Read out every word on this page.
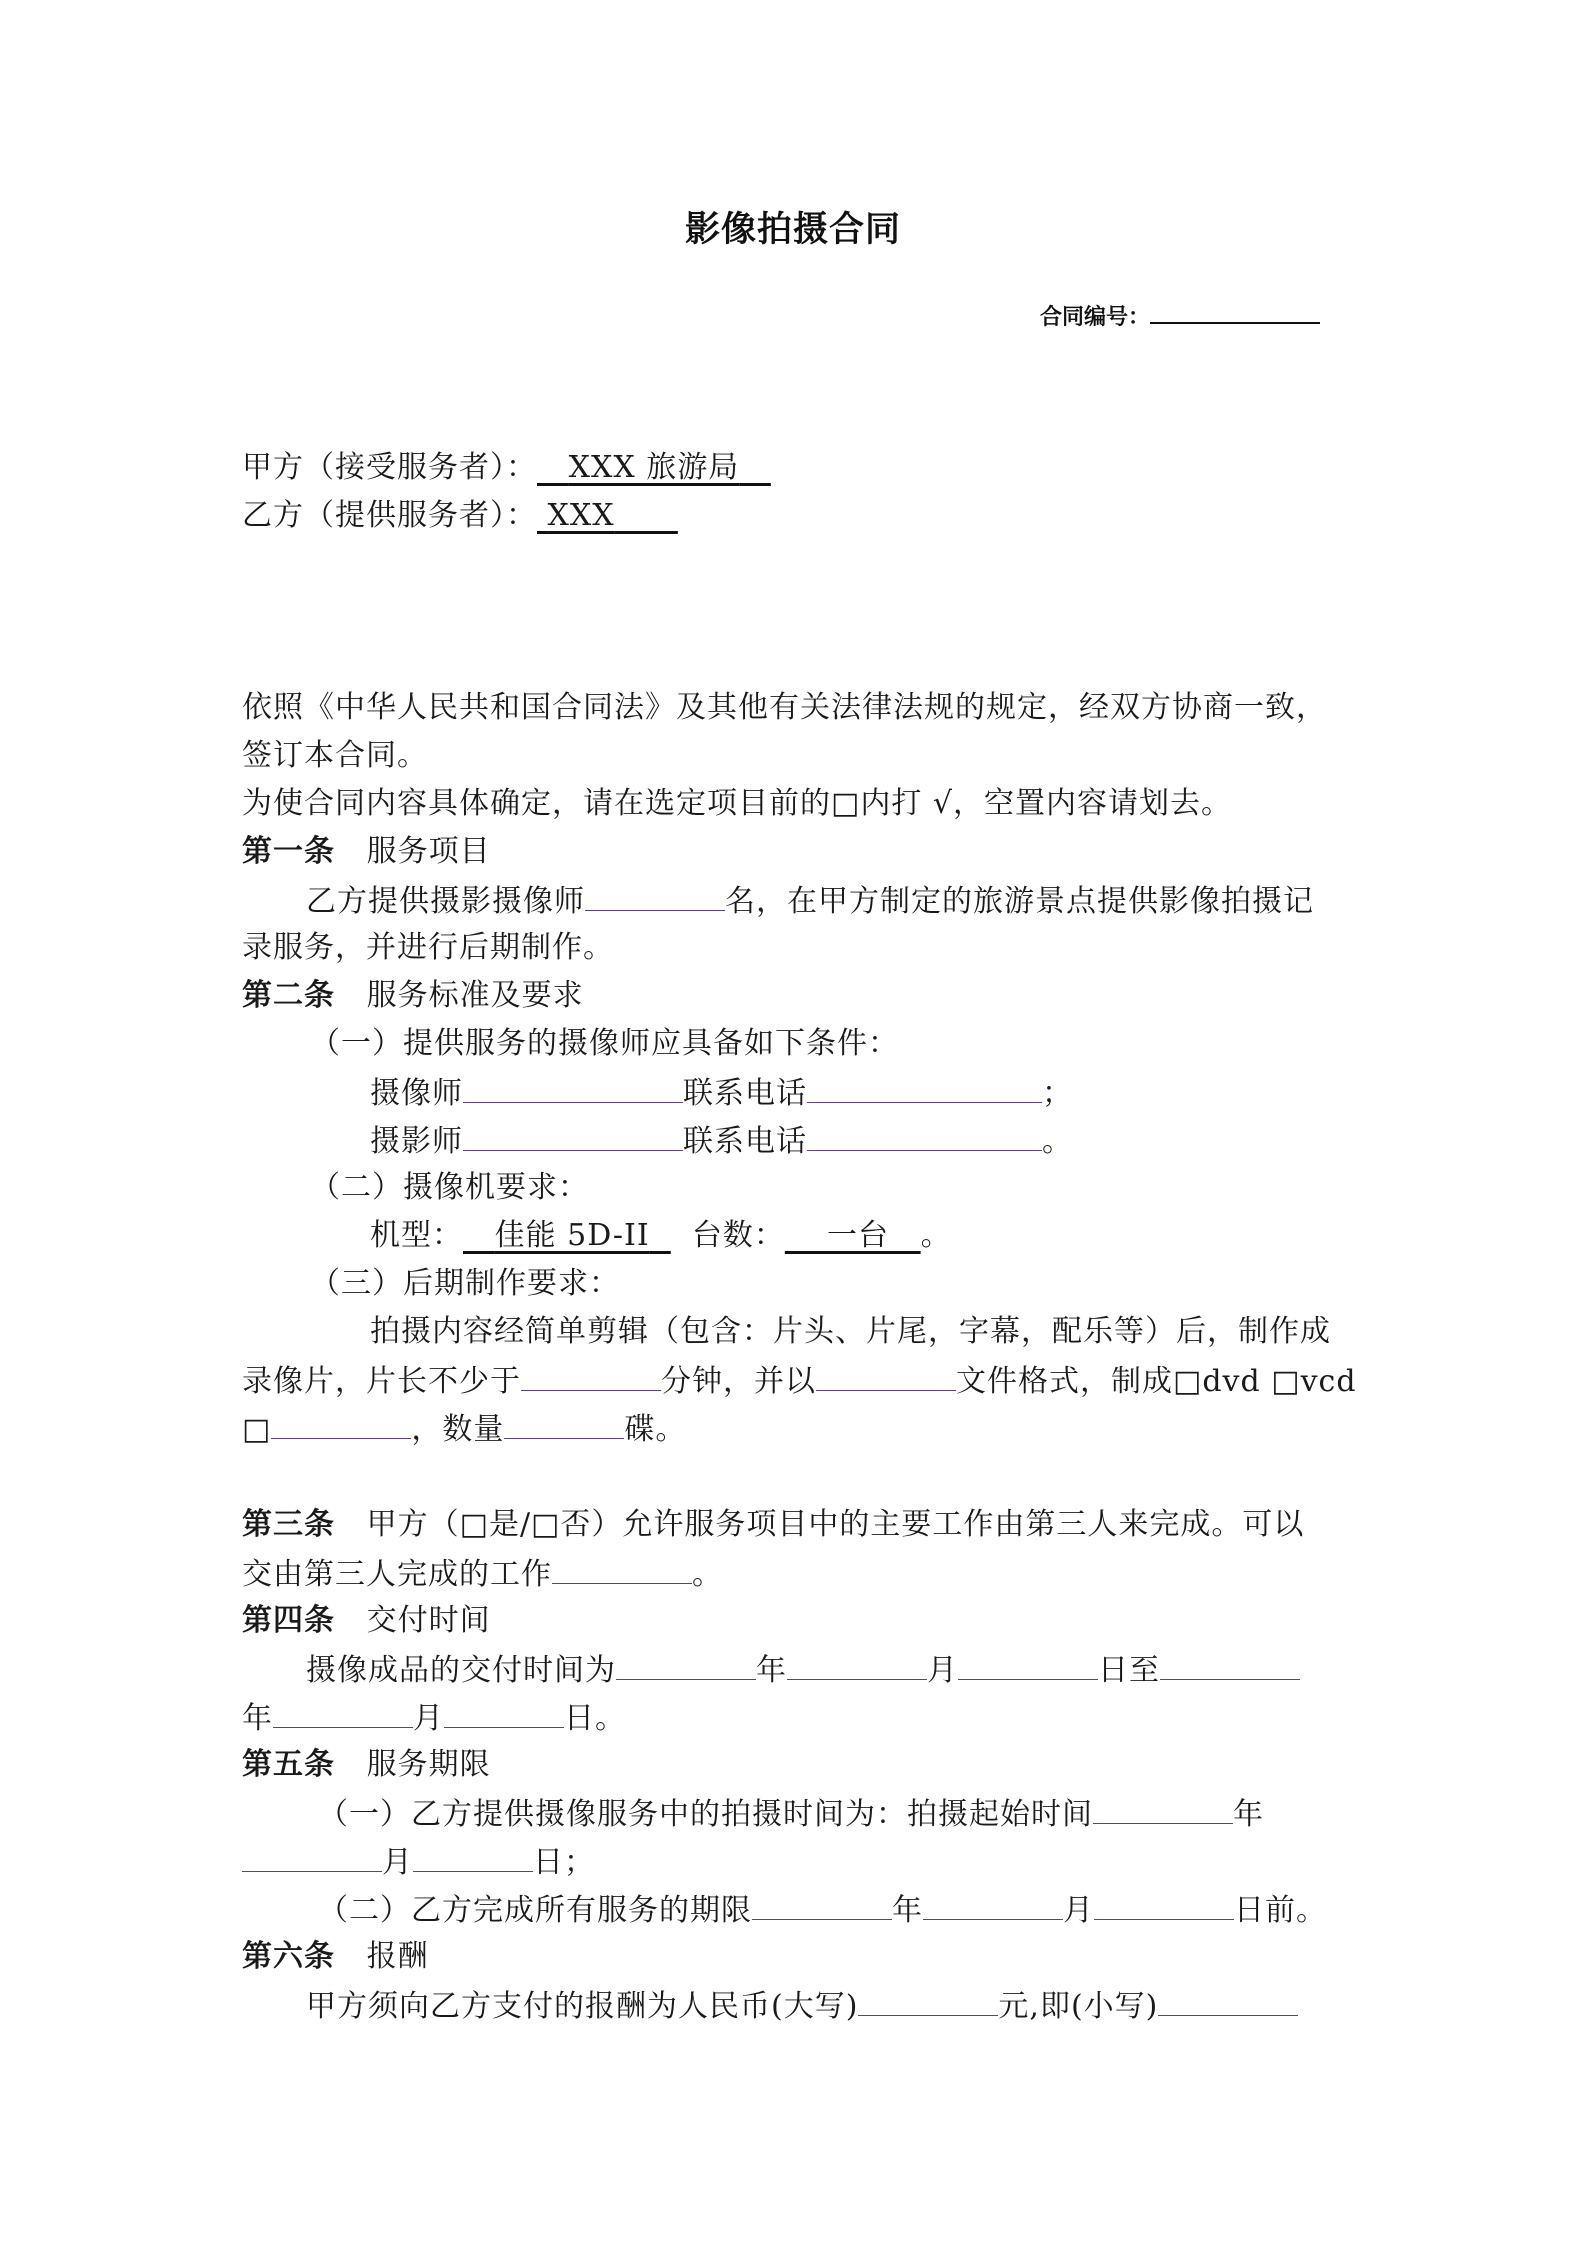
影像拍摄合同
合同编号：
甲方（接受服务者）： XXX 旅游局
乙方（提供服务者）： XXX
依照《中华人民共和国合同法》及其他有关法律法规的规定，经双方协商一致，
签订本合同。
为使合同内容具体确定，请在选定项目前的□内打 √，空置内容请划去。
第一条 服务项目
乙方提供摄影摄像师	名，在甲方制定的旅游景点提供影像拍摄记
录服务，并进行后期制作。
第二条 服务标准及要求
（一）提供服务的摄像师应具备如下条件：
摄像师	联系电话	；
摄影师	联系电话	。
（二）摄像机要求：
机型： 佳能 5D-II 台数： 一台 。
（三）后期制作要求：
拍摄内容经简单剪辑（包含：片头、片尾，字幕，配乐等）后，制作成
录像片，片长不少于	分钟，并以	文件格式，制成□dvd □vcd
□	，数量	碟。
第三条 甲方（□是/□否）允许服务项目中的主要工作由第三人来完成。可以
交由第三人完成的工作	。
第四条 交付时间
摄像成品的交付时间为	年	月	日至
年	月	日。
第五条 服务期限
（一）乙方提供摄像服务中的拍摄时间为：拍摄起始时间	年
月	日；
（二）乙方完成所有服务的期限	年	月	日前。
第六条 报酬
甲方须向乙方支付的报酬为人民币(大写)	元,即(小写)
